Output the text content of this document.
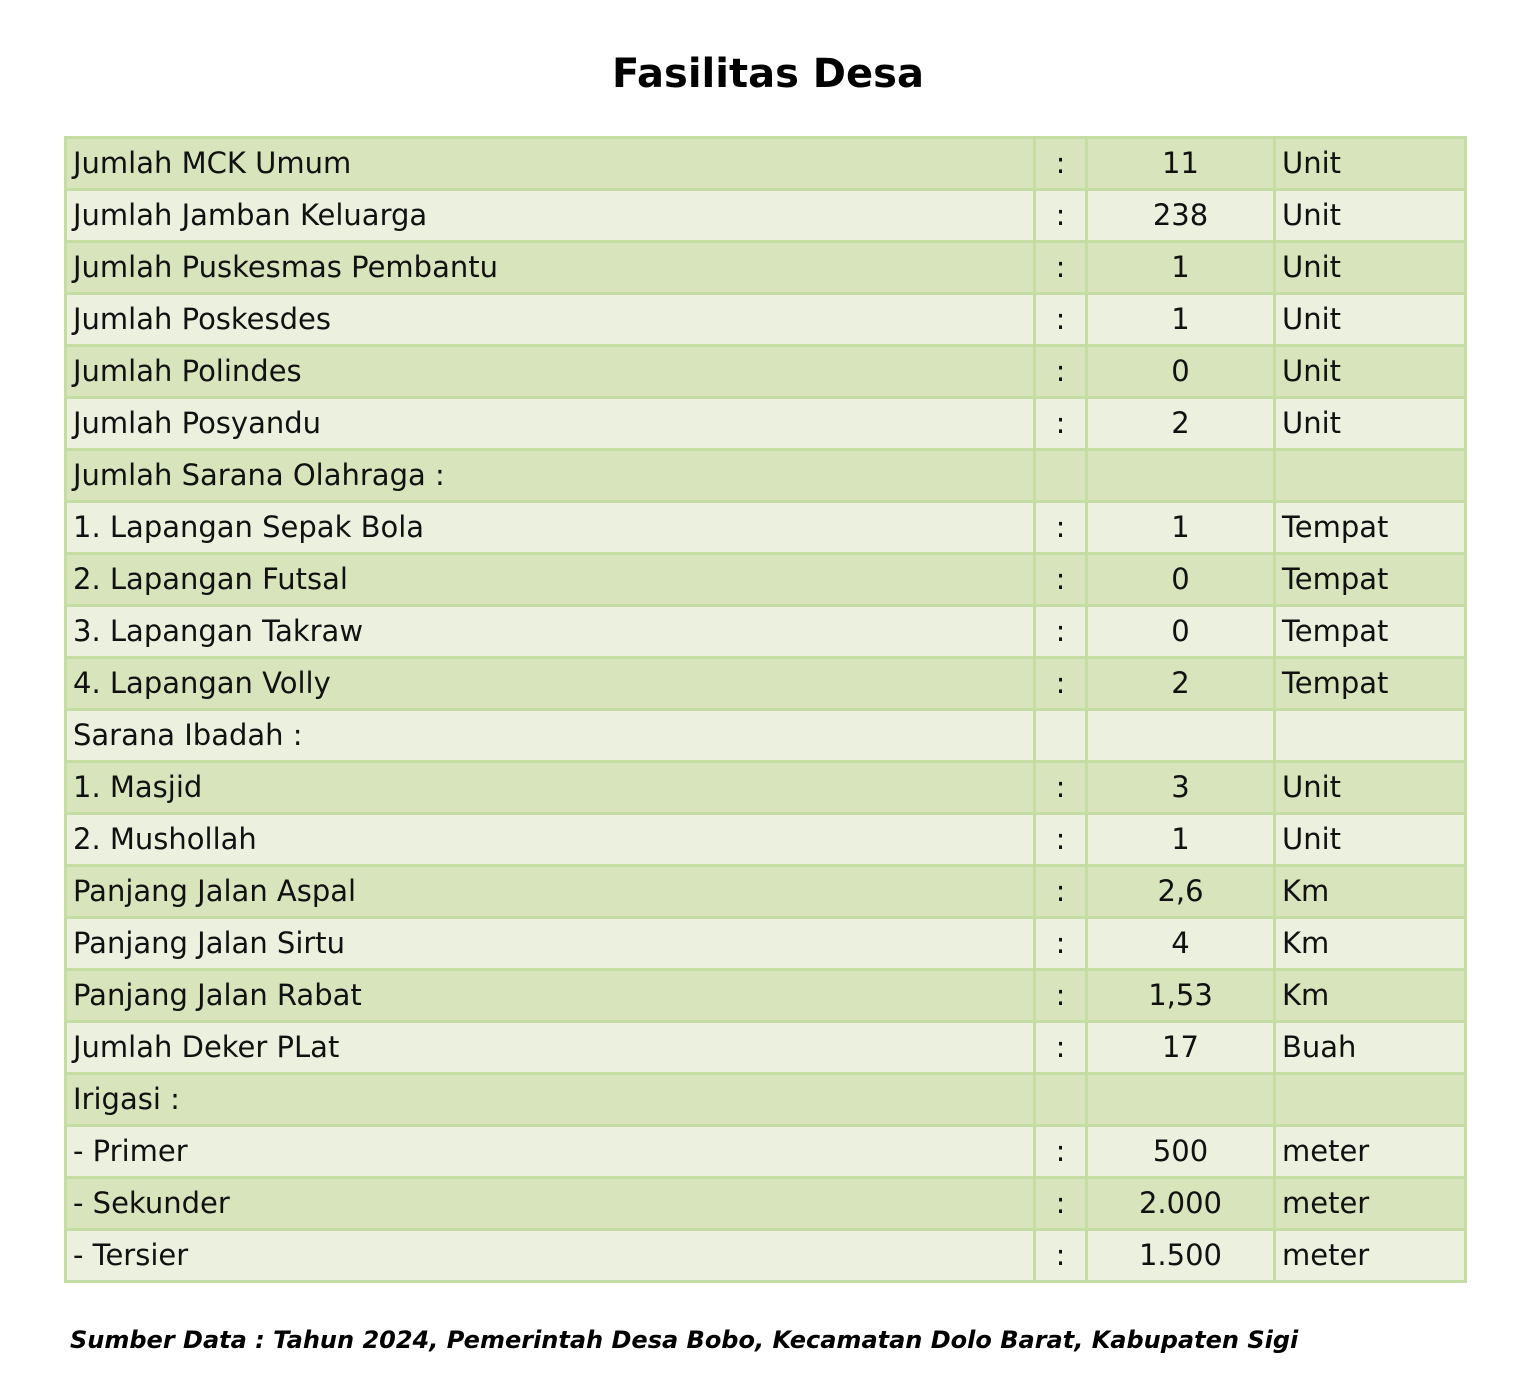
Fasilitas Desa
Jumlah MCK Umum	:	11	Unit
Jumlah Jamban Keluarga	:	238	Unit
Jumlah Puskesmas Pembantu	:	1	Unit
Jumlah Poskesdes	:	1	Unit
Jumlah Polindes	:	0	Unit
Jumlah Posyandu	:	2	Unit
Jumlah Sarana Olahraga :			
1. Lapangan Sepak Bola	:	1	Tempat
2. Lapangan Futsal	:	0	Tempat
3. Lapangan Takraw	:	0	Tempat
4. Lapangan Volly	:	2	Tempat
Sarana Ibadah :			
1. Masjid	:	3	Unit
2. Mushollah	:	1	Unit
Panjang Jalan Aspal	:	2,6	Km
Panjang Jalan Sirtu	:	4	Km
Panjang Jalan Rabat	:	1,53	Km
Jumlah Deker PLat	:	17	Buah
Irigasi :			
- Primer	:	500	meter
- Sekunder	:	2.000	meter
- Tersier	:	1.500	meter
Sumber Data : Tahun 2024, Pemerintah Desa Bobo, Kecamatan Dolo Barat, Kabupaten Sigi
